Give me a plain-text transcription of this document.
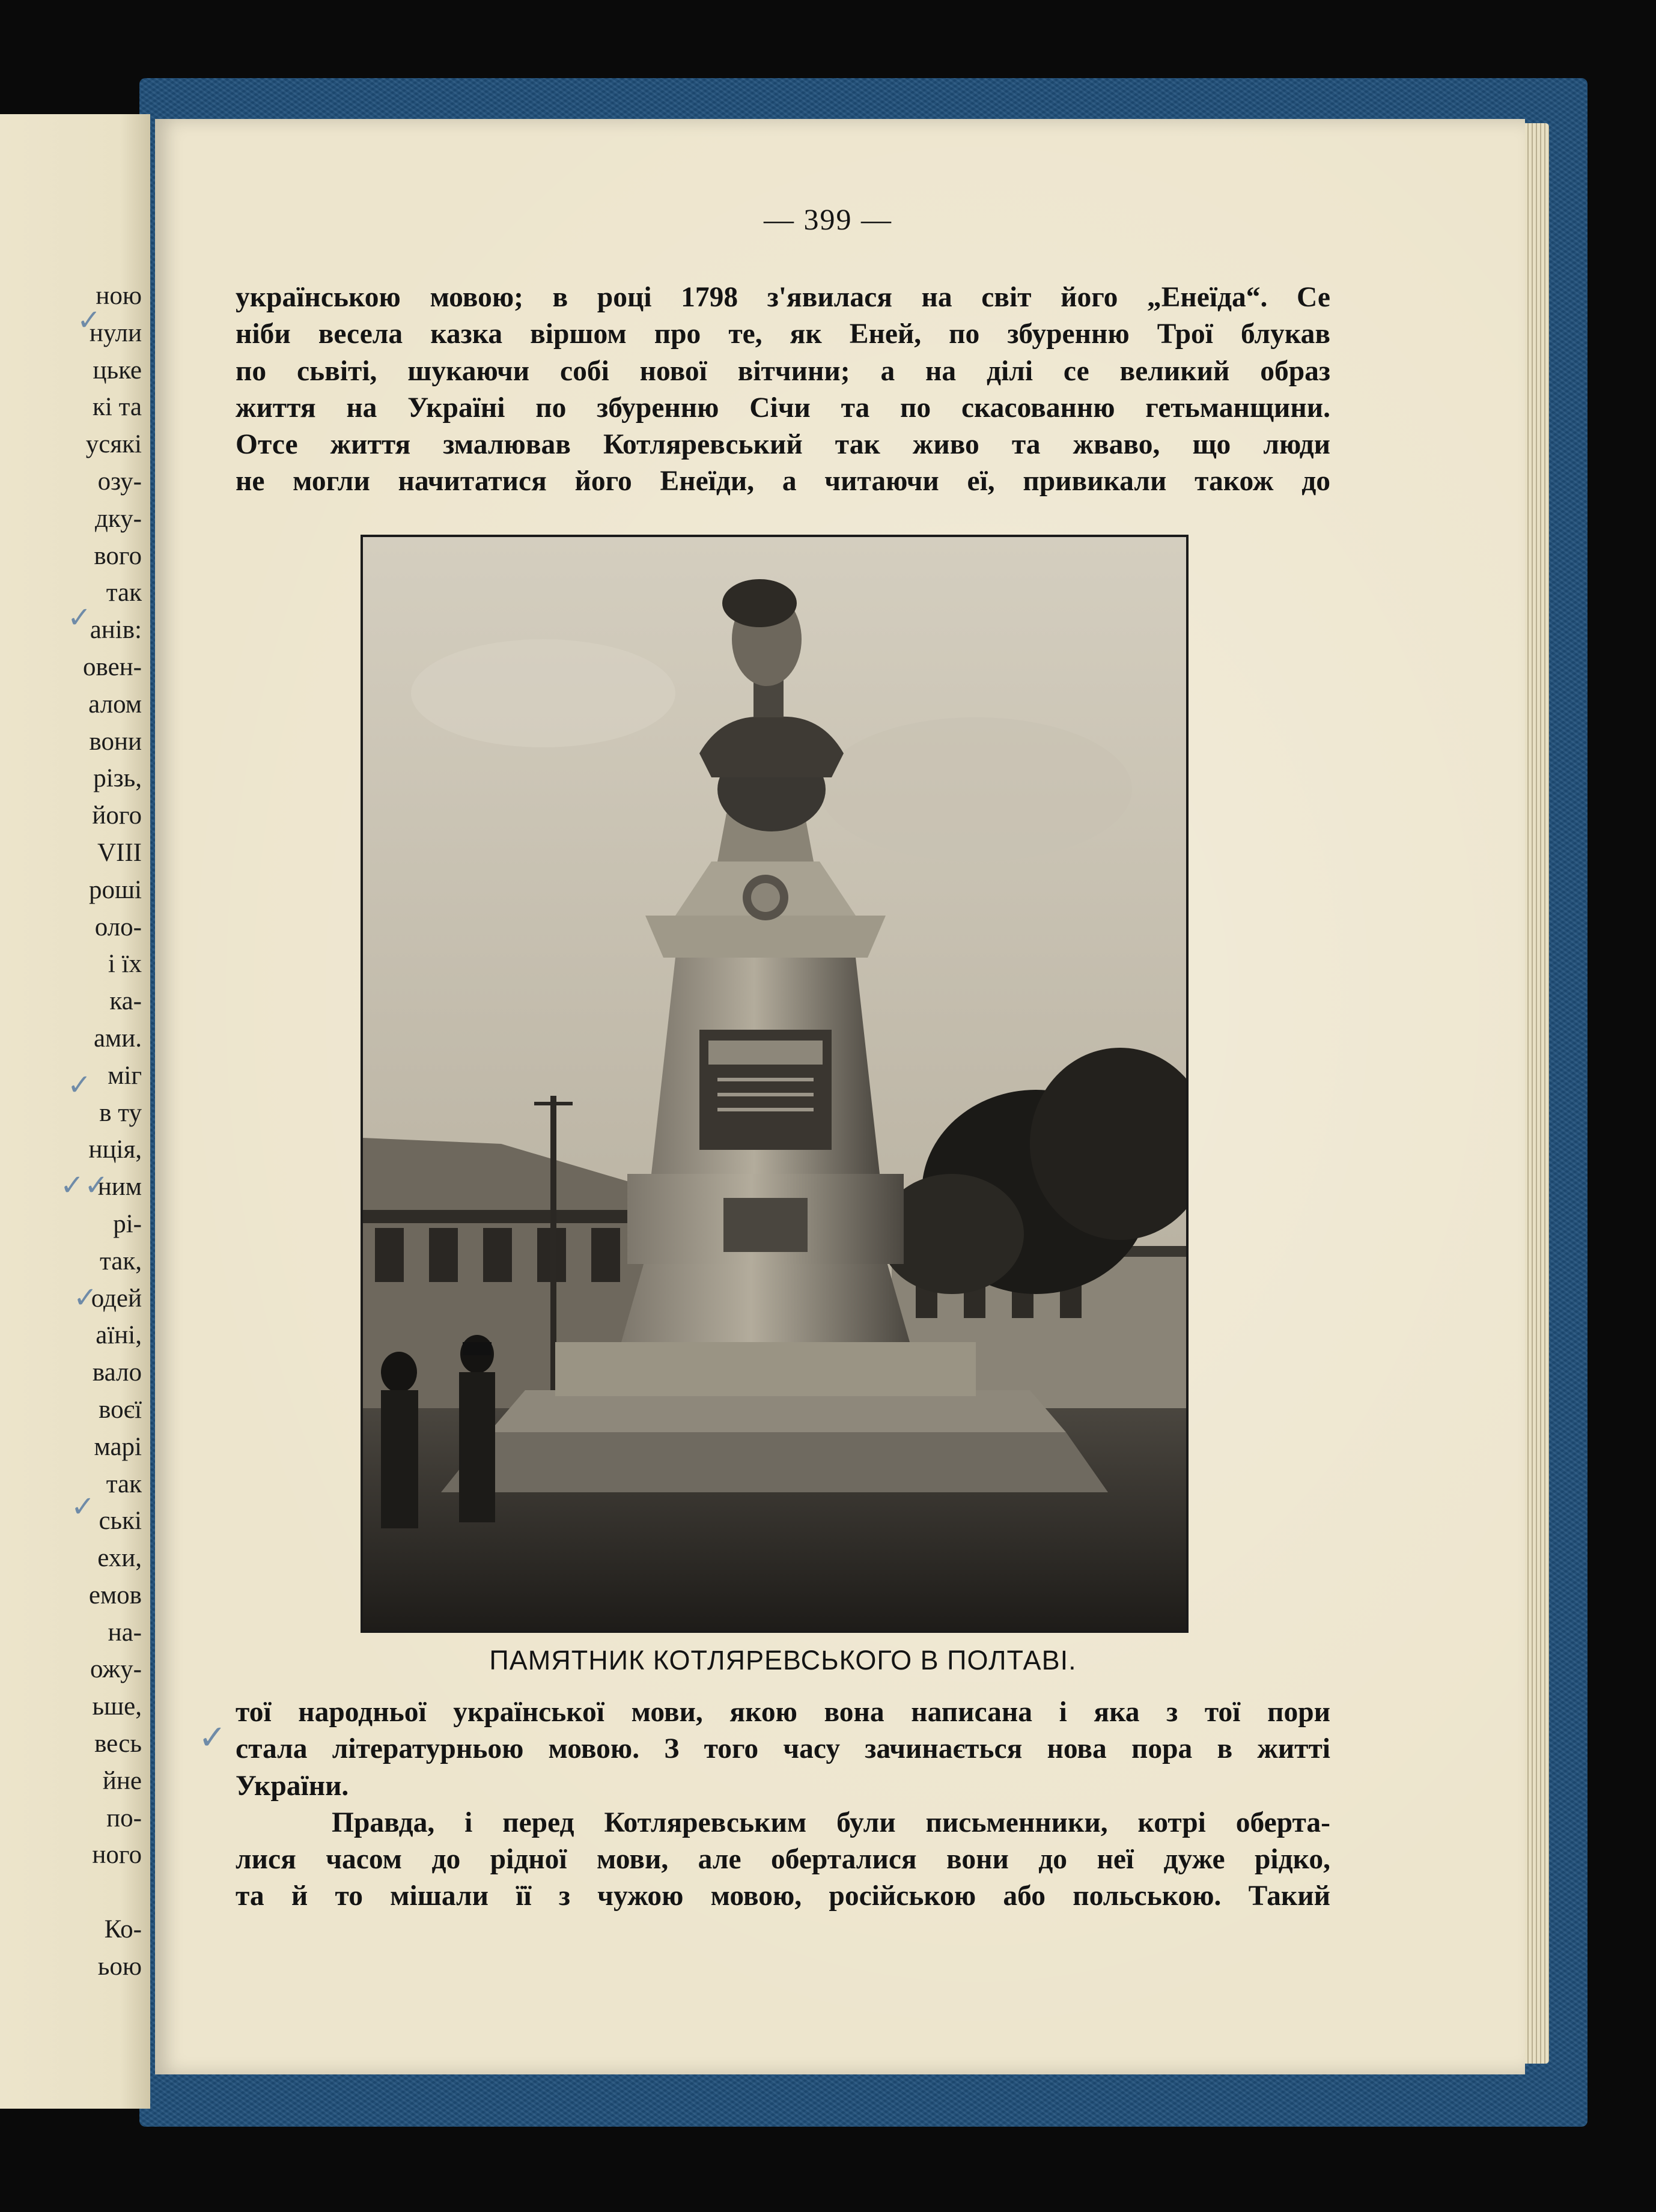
ною
нули
цьке
кі та
усякі
озу-
дку-
вого
так
анів:
овен-
алом
вони
різь,
його
VIII
роші
оло-
і їх
ка-
ами.
міг
в ту
нція,
ним
рі-
так,
одей
аїні,
вало
воєї
марі
так
ські
ехи,
емов
на-
ожу-
ьше,
весь
йне
по-
ного
Ко-
ьою
✓
✓
✓
✓✓
✓
✓
— 399 —
українською мовою; в році 1798 з'явилася на світ його „Енеїда“. Се
ніби весела казка віршом про те, як Еней, по збуренню Трої блукав
по сьвіті, шукаючи собі нової вітчини; а на ділі се великий образ
життя на Україні по збуренню Січи та по скасованню гетьманщини.
Отсе життя змалював Котляревський так живо та жваво, що люди
не могли начитатися його Енеїди, а читаючи еї, привикали також до
ПАМЯТНИК КОТЛЯРЕВСЬКОГО В ПОЛТАВІ.
тої народньої української мови, якою вона написана і яка з тої пори
стала літературньою мовою. З того часу зачинається нова пора в житті
України.
Правда, і перед Котляревським були письменники, котрі оберта-
лися часом до рідної мови, але оберталися вони до неї дуже рідко,
та й то мішали її з чужою мовою, російською або польською. Такий
✓
